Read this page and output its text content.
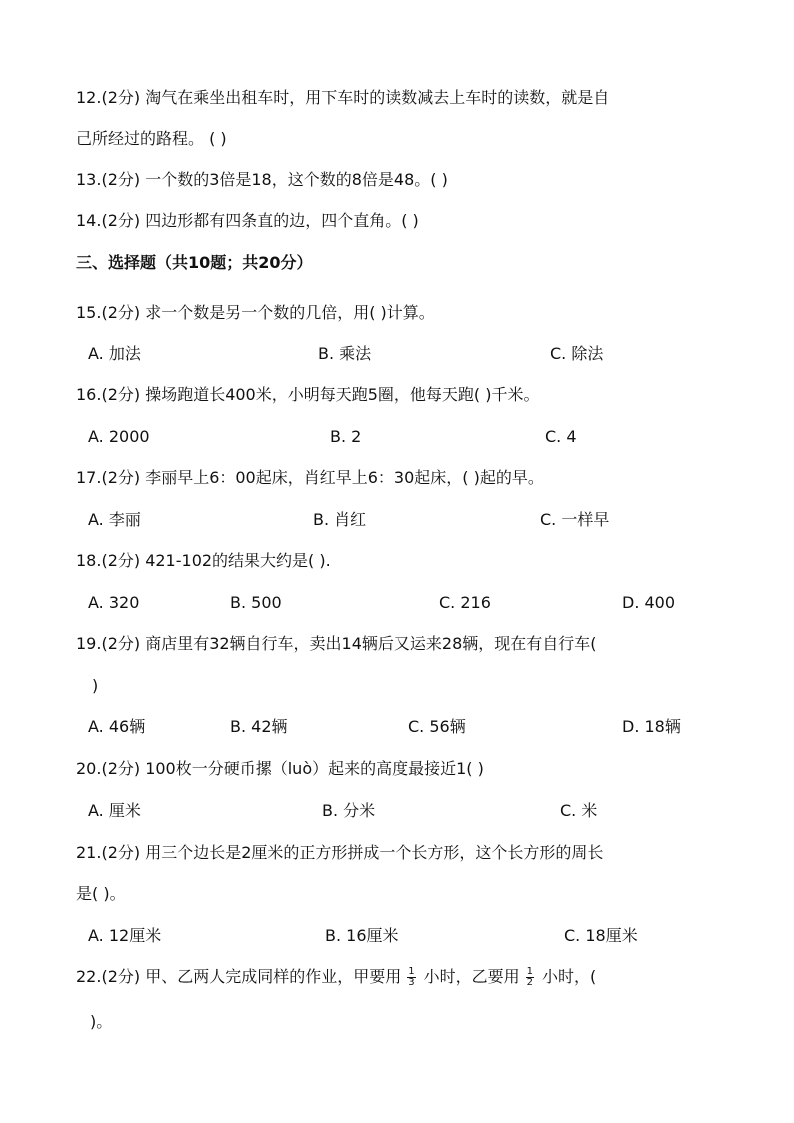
12.(2分) 淘气在乘坐出租车时，用下车时的读数减去上车时的读数，就是自
己所经过的路程。 ( )
13.(2分) 一个数的3倍是18，这个数的8倍是48。( )
14.(2分) 四边形都有四条直的边，四个直角。( )
三、选择题（共10题；共20分）
15.(2分) 求一个数是另一个数的几倍，用( )计算。
A. 加法	B. 乘法	C. 除法
16.(2分) 操场跑道长400米，小明每天跑5圈，他每天跑( )千米。
A. 2000	B. 2	C. 4
17.(2分) 李丽早上6：00起床，肖红早上6：30起床，( )起的早。
A. 李丽	B. 肖红	C. 一样早
18.(2分) 421-102的结果大约是( ).
A. 320	B. 500	C. 216	D. 400
19.(2分) 商店里有32辆自行车，卖出14辆后又运来28辆，现在有自行车(
)
A. 46辆	B. 42辆	C. 56辆	D. 18辆
20.(2分) 100枚一分硬币摞（luò）起来的高度最接近1( )
A. 厘米	B. 分米	C. 米
21.(2分) 用三个边长是2厘米的正方形拼成一个长方形，这个长方形的周长
是( )。
A. 12厘米	B. 16厘米	C. 18厘米
22.(2分) 甲、乙两人完成同样的作业，甲要用 $\frac{1}{3}$ 小时，乙要用 $\frac{1}{2}$ 小时，(
)。
